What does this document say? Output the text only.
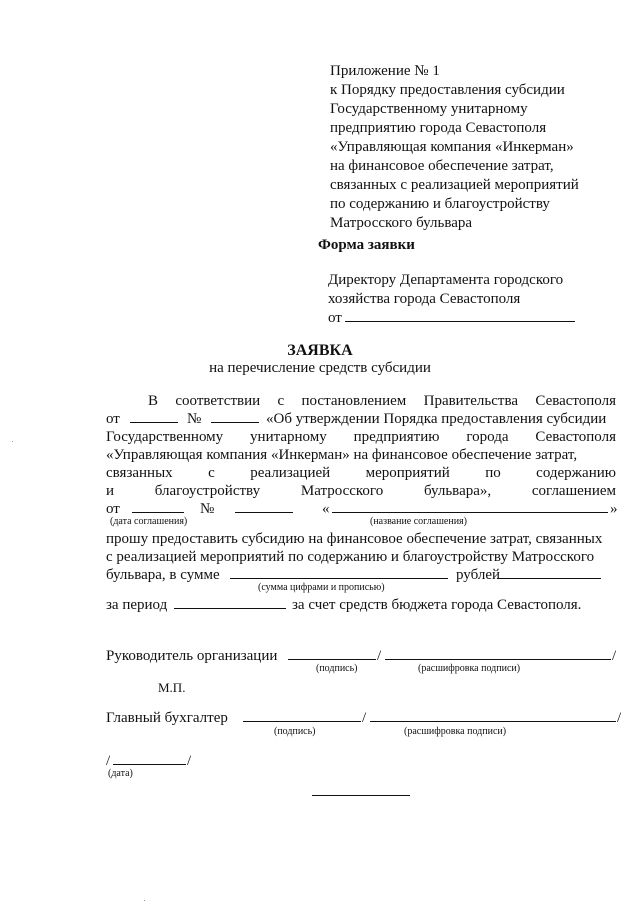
Приложение № 1
к Порядку предоставления субсидии
Государственному унитарному
предприятию города Севастополя
«Управляющая компания «Инкерман»
на финансовое обеспечение затрат,
связанных с реализацией мероприятий
по содержанию и благоустройству
Матросского бульвара
Форма заявки
Директору Департамента городского
хозяйства города Севастополя
от
ЗАЯВКА
на перечисление средств субсидии
В соответствии с постановлением Правительства Севастополя
от	№	«Об утверждении Порядка предоставления субсидии
Государственному унитарному предприятию города Севастополя
«Управляющая компания «Инкерман» на финансовое обеспечение затрат,
связанных с реализацией мероприятий по содержанию
и	благоустройству	Матросского	бульвара»,	соглашением
от	№	«	»
(дата соглашения)	(название соглашения)
прошу предоставить субсидию на финансовое обеспечение затрат, связанных
с реализацией мероприятий по содержанию и благоустройству Матросского
бульвара, в сумме	рублей
(сумма цифрами и прописью)
за период	за счет средств бюджета города Севастополя.
Руководитель организации	/	/
(подпись)	(расшифровка подписи)
М.П.
Главный бухгалтер	/	/
(подпись)	(расшифровка подписи)
/	/
(дата)
